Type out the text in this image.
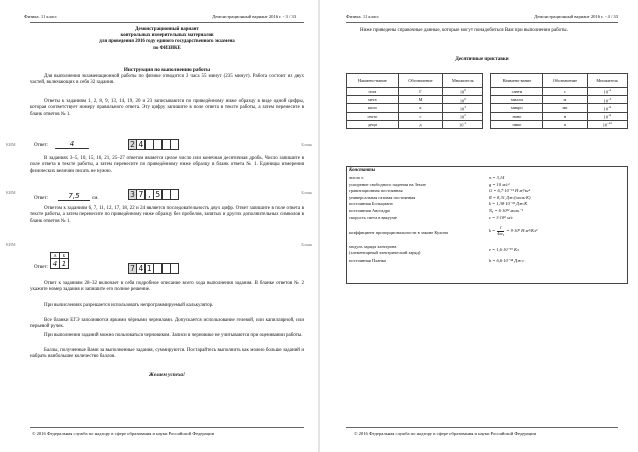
Физика. 11 класс	Демонстрационный вариант 2016 г. - 3 / 33
Демонстрационный вариант
контрольных измерительных материалов
для проведения 2016 году единого государственного экзамена
по ФИЗИКЕ
Инструкция по выполнению работы
Для выполнения экзаменационной работы по физике отводится 3 часа 55 минут (235 минут). Работа состоит из двух частей, включающих в себя 32 задания.
Ответы к заданиям 1, 2, 8, 9, 13, 14, 19, 20 и 23 записываются по приведённому ниже образцу в виде одной цифры, которая соответствует номеру правильного ответа. Эту цифру запишите в поле ответа в тексте работы, а затем перенесите в бланк ответов № 1.
КИМ	Бланк
Ответ:	4	2 4
В заданиях 3–5, 10, 15, 16, 21, 25–27 ответом является целое число или конечная десятичная дробь. Число запишите в поле ответа в тексте работы, а затем перенесите по приведённому ниже образцу в бланк ответа № 1. Единицы измерения физических величин писать не нужно.
КИМ	Бланк
Ответ:	7,5	см.	3 7 , 5
Ответом к заданиям 6, 7, 11, 12, 17, 18, 22 и 24 является последовательность двух цифр. Ответ запишите в поле ответа в тексте работы, а затем перенесите по приведённому ниже образцу без пробелов, запятых и других дополнительных символов в бланк ответов № 1.
КИМ	Бланк
А	Б
4	1
Ответ:	7 4 1
Ответ к заданиям 28–32 включает в себя подробное описание всего хода выполнения задания. В бланке ответов № 2 укажите номер задания и запишите его полное решение.
При вычислениях разрешается использовать непрограммируемый калькулятор.
Все бланки ЕГЭ заполняются яркими чёрными чернилами. Допускается использование гелевой, или капиллярной, или перьевой ручек.
При выполнении заданий можно пользоваться черновиком. Записи в черновике не учитываются при оценивании работы.
Баллы, полученные Вами за выполненные задания, суммируются. Постарайтесь выполнить как можно больше заданий и набрать наибольшее количество баллов.
Желаем успеха!
© 2016 Федеральная служба по надзору в сфере образования и науки Российской Федерации
Физика. 11 класс	Демонстрационный вариант 2016 г. - 4 / 33
Ниже приведены справочные данные, которые могут понадобиться Вам при выполнении работы.
Десятичные приставки
Наимено-вание	Обозначение	Множитель		Наимено-вание	Обозначение	Множитель
гига	Г	$10^9$		санти	с	$10^{-2}$
мега	М	$10^6$		милли	м	$10^{-3}$
кило	к	$10^3$		микро	мк	$10^{-6}$
гекто	г	$10^2$		нано	н	$10^{-9}$
деци	д	$10^{-1}$		пико	п	$10^{-12}$
Константы
число π	π = 3,14
ускорение свободного падения на Земле	g = 10 м/с²
гравитационная постоянная	G = 6,7·10⁻¹¹ Н·м²/кг²
универсальная газовая постоянная	R = 8,31 Дж/(моль·К)
постоянная Больцмана	k = 1,38·10⁻²³ Дж/К
постоянная Авогадро	Nₐ = 6·10²³ моль⁻¹
скорость света в вакууме	с = 3·10⁸ м/с
коэффициент пропорциональности в законе Кулона	$k = \frac{1}{\text{4πε₀}} = 9\cdot 10^9$ Н·м²/Кл²
модуль заряда электрона
(элементарный электрический заряд)
e = 1,6·10⁻¹⁹ Кл
постоянная Планка	h = 6,6·10⁻³⁴ Дж·с
© 2016 Федеральная служба по надзору в сфере образования и науки Российской Федерации
